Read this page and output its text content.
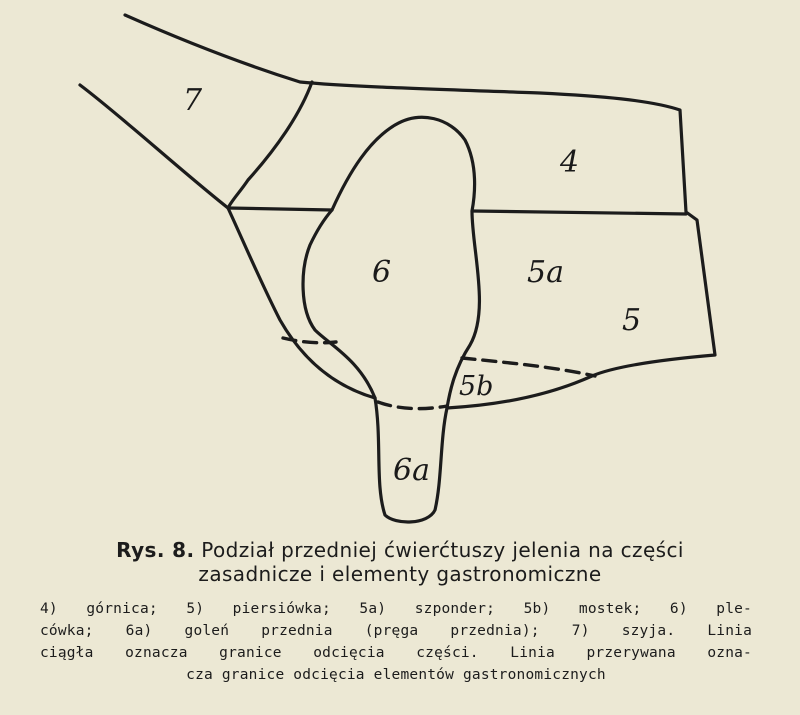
7
4
6	5a
5
5b
6a
Rys. 8. Podział przedniej ćwierćtuszy jelenia na części
zasadnicze i elementy gastronomiczne
4) górnica; 5) piersiówka; 5a) szponder; 5b) mostek; 6) ple-
cówka; 6a) goleń przednia (pręga przednia); 7) szyja. Linia
ciągła oznacza granice odcięcia części. Linia przerywana ozna-
cza granice odcięcia elementów gastronomicznych
